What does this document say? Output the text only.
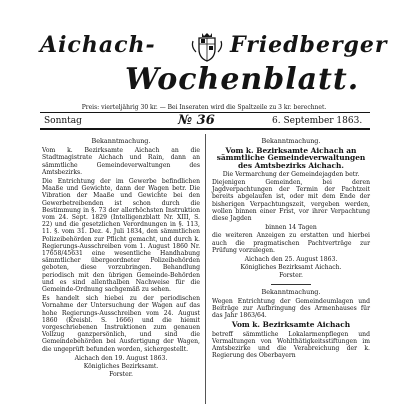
Aichach-	Friedberger
Wochenblatt.
Preis: vierteljährig 30 kr. — Bei Inseraten wird die Spaltzeile zu 3 kr. berechnet.
Sonntag	№ 36	6. September 1863.
Bekanntmachung.
Vom k. Bezirksamte Aichach an die Stadtmagistrate Aichach und Rain, dann an sämmtliche Gemeindeverwaltungen des Amtsbezirks.
Die Entrichtung der im Gewerbe befindlichen Maaße und Gewichte, dann der Wagen betr. Die Vibration der Maaße und Gewichte bei den Gewerbetreibenden ist schon durch die Bestimmung in §. 73 der allerhöchsten Instruktion vom 24. Sept. 1829 (Intelligenzblatt Nr. XIII, S. 22) und die gesetzlichen Verordnungen in §. 113, 11. §. vom 31. Dez. 4. Juli 1834, den sämmtlichen Polizeibehörden zur Pflicht gemacht, und durch k. Regierungs-Ausschreiben vom 1. August 1860 Nr. 17658/45631 eine wesentliche Handhabung sämmtlicher übergeordneter Polizeibehörden geboten, diese vorzubringen. Behandlung periodisch mit den übrigen Gemeinde-Behörden und es sind allenthalben Nachweise für die Gemeinde-Ordnung sachgemäß zu sehen.
Es handelt sich hiebei zu der periodischen Vornahme der Untersuchung der Wagen auf das hohe Regierungs-Ausschreiben vom 24. August 1860 (Kreisbl. S. 1666) und die hiemit vorgeschriebenen Instruktionen zum genauen Vollzug ganzpersönlich, und sind die Gemeindebehörden bei Ausfertigung der Wagen, die ungeprüft befunden worden, sichergestellt.
Aichach den 19. August 1863.
Königliches Bezirksamt.
Forster.
Bekanntmachung.
Vom k. Bezirksamte Aichach an sämmtliche Gemeindeverwaltungen des Amtsbezirks Aichach.
Die Vermarchung der Gemeindejagden betr.
Diejenigen Gemeinden, bei deren Jagdverpachtungen der Termin der Pachtzeit bereits abgelaufen ist, oder mit dem Ende der bisherigen Verpachtungszeit, vergeben werden, wollen binnen einer Frist, vor ihrer Verpachtung diese Jagden
binnen 14 Tagen
die weiteren Anzeigen zu erstatten und hierbei auch die pragmatischen Pachtverträge zur Prüfung vorzulegen.
Aichach den 25. August 1863.
Königliches Bezirksamt Aichach.
Forster.
Bekanntmachung.
Wegen Entrichtung der Gemeindeumlagen und Beiträge zur Aufbringung des Armenhauses für das Jahr 1863/64.
Vom k. Bezirksamte Aichach
betreff sämmtliche Lokalarmenpflegen und Vermaltungen von Wohlthätigkeitsstiftungen im Amtsbezirke und die Verabreichung der k. Regierung des Oberbayern
